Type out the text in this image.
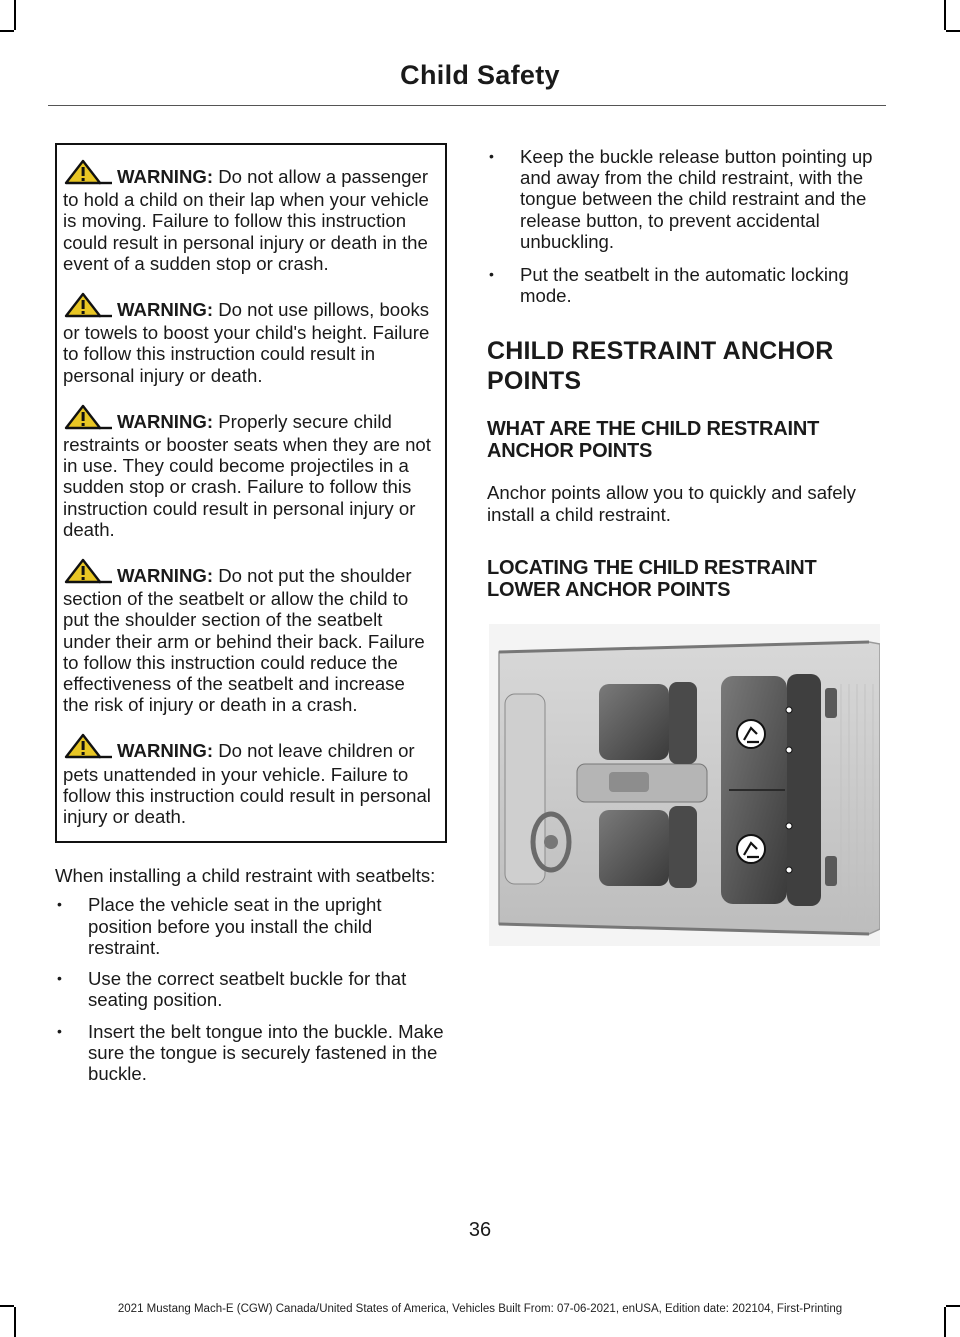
Child Safety
WARNING: Do not allow a passenger to hold a child on their lap when your vehicle is moving. Failure to follow this instruction could result in personal injury or death in the event of a sudden stop or crash.
WARNING: Do not use pillows, books or towels to boost your child's height. Failure to follow this instruction could result in personal injury or death.
WARNING: Properly secure child restraints or booster seats when they are not in use. They could become projectiles in a sudden stop or crash. Failure to follow this instruction could result in personal injury or death.
WARNING: Do not put the shoulder section of the seatbelt or allow the child to put the shoulder section of the seatbelt under their arm or behind their back. Failure to follow this instruction could reduce the effectiveness of the seatbelt and increase the risk of injury or death in a crash.
WARNING: Do not leave children or pets unattended in your vehicle. Failure to follow this instruction could result in personal injury or death.
When installing a child restraint with seatbelts:
• Place the vehicle seat in the upright position before you install the child restraint.
• Use the correct seatbelt buckle for that seating position.
• Insert the belt tongue into the buckle. Make sure the tongue is securely fastened in the buckle.
• Keep the buckle release button pointing up and away from the child restraint, with the tongue between the child restraint and the release button, to prevent accidental unbuckling.
• Put the seatbelt in the automatic locking mode.
CHILD RESTRAINT ANCHOR
POINTS
WHAT ARE THE CHILD RESTRAINT ANCHOR POINTS
Anchor points allow you to quickly and safely install a child restraint.
LOCATING THE CHILD RESTRAINT LOWER ANCHOR POINTS
36
2021 Mustang Mach-E (CGW) Canada/United States of America, Vehicles Built From: 07-06-2021, enUSA, Edition date: 202104, First-Printing
